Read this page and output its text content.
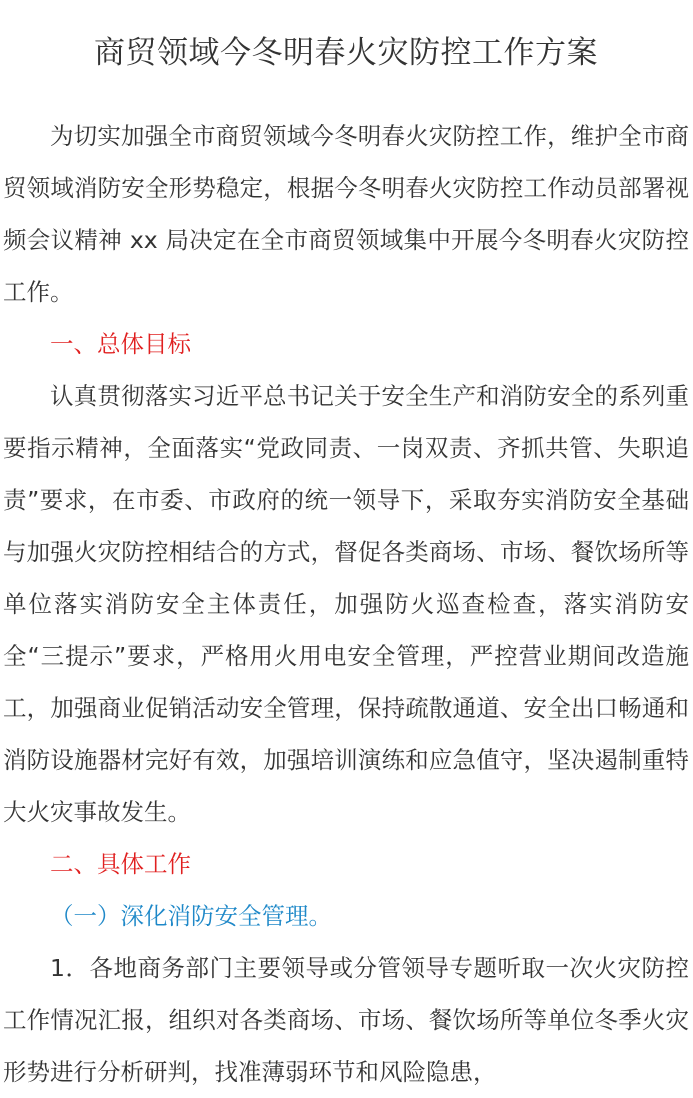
商贸领域今冬明春火灾防控工作方案

为切实加强全市商贸领域今冬明春火灾防控工作，维护全市商贸领域消防安全形势稳定，根据今冬明春火灾防控工作动员部署视频会议精神 xx 局决定在全市商贸领域集中开展今冬明春火灾防控工作。

一、总体目标

认真贯彻落实习近平总书记关于安全生产和消防安全的系列重要指示精神，全面落实“党政同责、一岗双责、齐抓共管、失职追责”要求，在市委、市政府的统一领导下，采取夯实消防安全基础与加强火灾防控相结合的方式，督促各类商场、市场、餐饮场所等单位落实消防安全主体责任，加强防火巡查检查，落实消防安全“三提示”要求，严格用火用电安全管理，严控营业期间改造施工，加强商业促销活动安全管理，保持疏散通道、安全出口畅通和消防设施器材完好有效，加强培训演练和应急值守，坚决遏制重特大火灾事故发生。

二、具体工作

（一）深化消防安全管理。

1．各地商务部门主要领导或分管领导专题听取一次火灾防控工作情况汇报，组织对各类商场、市场、餐饮场所等单位冬季火灾形势进行分析研判，找准薄弱环节和风险隐患，
